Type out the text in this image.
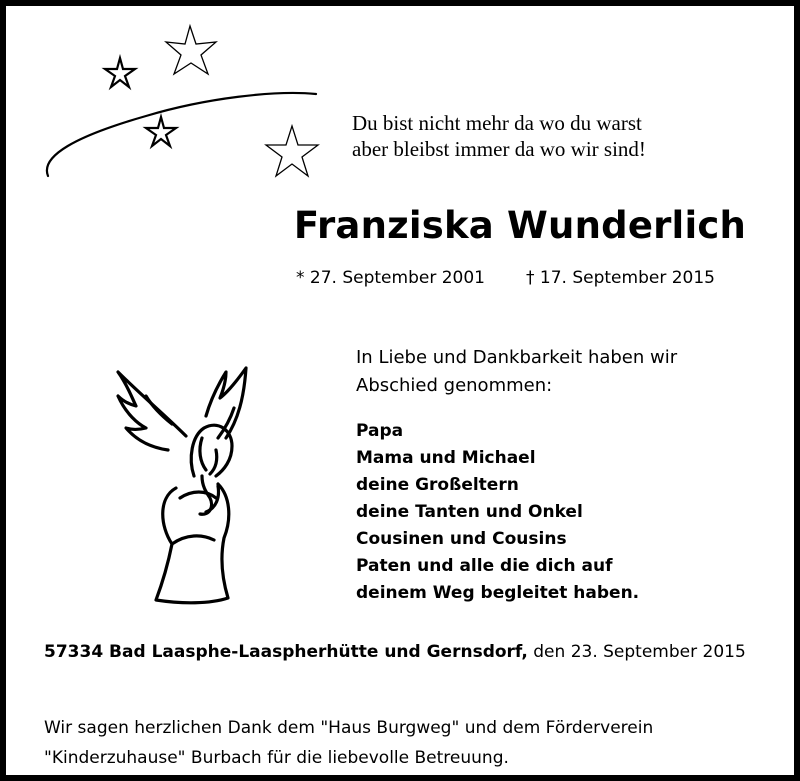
Du bist nicht mehr da wo du warst
aber bleibst immer da wo wir sind!
Franziska Wunderlich
* 27. September 2001 † 17. September 2015
In Liebe und Dankbarkeit haben wir
Abschied genommen:
Papa
Mama und Michael
deine Großeltern
deine Tanten und Onkel
Cousinen und Cousins
Paten und alle die dich auf
deinem Weg begleitet haben.
57334 Bad Laasphe-Laaspherhütte und Gernsdorf, den 23. September 2015
Wir sagen herzlichen Dank dem "Haus Burgweg" und dem Förderverein
"Kinderzuhause" Burbach für die liebevolle Betreuung.
